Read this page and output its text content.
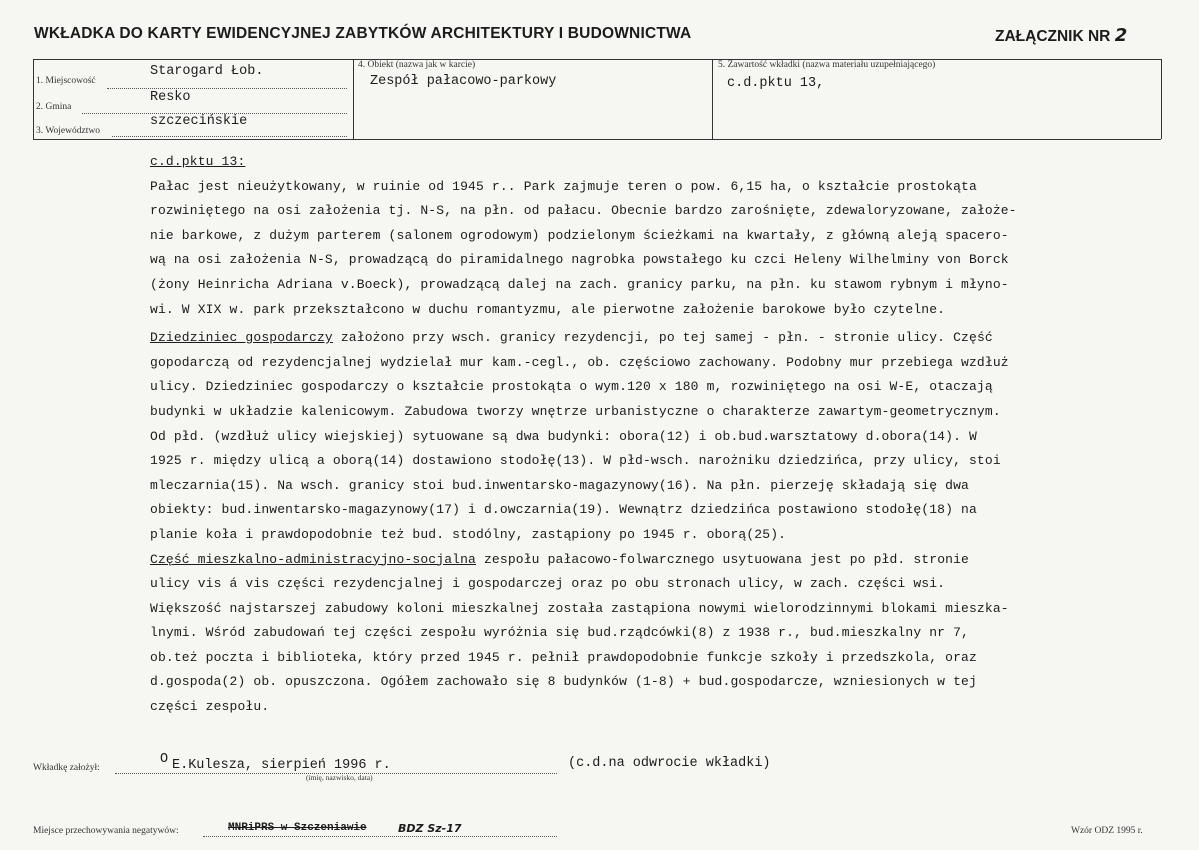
WKŁADKA DO KARTY EWIDENCYJNEJ ZABYTKÓW ARCHITEKTURY I BUDOWNICTWA	ZAŁĄCZNIK NR 2
1. Miejscowość
Starogard Łob.
2. Gmina
Resko
3. Województwo
szczecińskie
4. Obiekt (nazwa jak w karcie)
Zespół pałacowo-parkowy
5. Zawartość wkładki (nazwa materiału uzupełniającego)
c.d.pktu 13,
c.d.pktu 13:
Pałac jest nieużytkowany, w ruinie od 1945 r.. Park zajmuje teren o pow. 6,15 ha, o kształcie prostokąta
rozwiniętego na osi założenia tj. N-S, na płn. od pałacu. Obecnie bardzo zarośnięte, zdewaloryzowane, założe-
nie barkowe, z dużym parterem (salonem ogrodowym) podzielonym ścieżkami na kwartały, z główną aleją spacero-
wą na osi założenia N-S, prowadzącą do piramidalnego nagrobka powstałego ku czci Heleny Wilhelminy von Borck
(żony Heinricha Adriana v.Boeck), prowadzącą dalej na zach. granicy parku, na płn. ku stawom rybnym i młyno-
wi. W XIX w. park przekształcono w duchu romantyzmu, ale pierwotne założenie barokowe było czytelne.
Dziedziniec gospodarczy założono przy wsch. granicy rezydencji, po tej samej - płn. - stronie ulicy. Część
gopodarczą od rezydencjalnej wydzielał mur kam.-cegl., ob. częściowo zachowany. Podobny mur przebiega wzdłuż
ulicy. Dziedziniec gospodarczy o kształcie prostokąta o wym.120 x 180 m, rozwiniętego na osi W-E, otaczają
budynki w układzie kalenicowym. Zabudowa tworzy wnętrze urbanistyczne o charakterze zawartym-geometrycznym.
Od płd. (wzdłuż ulicy wiejskiej) sytuowane są dwa budynki: obora(12) i ob.bud.warsztatowy d.obora(14). W
1925 r. między ulicą a oborą(14) dostawiono stodołę(13). W płd-wsch. narożniku dziedzińca, przy ulicy, stoi
mleczarnia(15). Na wsch. granicy stoi bud.inwentarsko-magazynowy(16). Na płn. pierzeję składają się dwa
obiekty: bud.inwentarsko-magazynowy(17) i d.owczarnia(19). Wewnątrz dziedzińca postawiono stodołę(18) na
planie koła i prawdopodobnie też bud. stodólny, zastąpiony po 1945 r. oborą(25).
Część mieszkalno-administracyjno-socjalna zespołu pałacowo-folwarcznego usytuowana jest po płd. stronie
ulicy vis á vis części rezydencjalnej i gospodarczej oraz po obu stronach ulicy, w zach. części wsi.
Większość najstarszej zabudowy koloni mieszkalnej została zastąpiona nowymi wielorodzinnymi blokami mieszka-
lnymi. Wśród zabudowań tej części zespołu wyróżnia się bud.rządcówki(8) z 1938 r., bud.mieszkalny nr 7,
ob.też poczta i biblioteka, który przed 1945 r. pełnił prawdopodobnie funkcje szkoły i przedszkola, oraz
d.gospoda(2) ob. opuszczona. Ogółem zachowało się 8 budynków (1-8) + bud.gospodarcze, wzniesionych w tej
części zespołu.
Wkładkę założył:
O E.Kulesza, sierpień 1996 r.
(imię, nazwisko, data)
(c.d.na odwrocie wkładki)
Miejsce przechowywania negatywów:	MNRiPRS w Szczeniawie	BDZ Sz-17	Wzór ODZ 1995 r.
